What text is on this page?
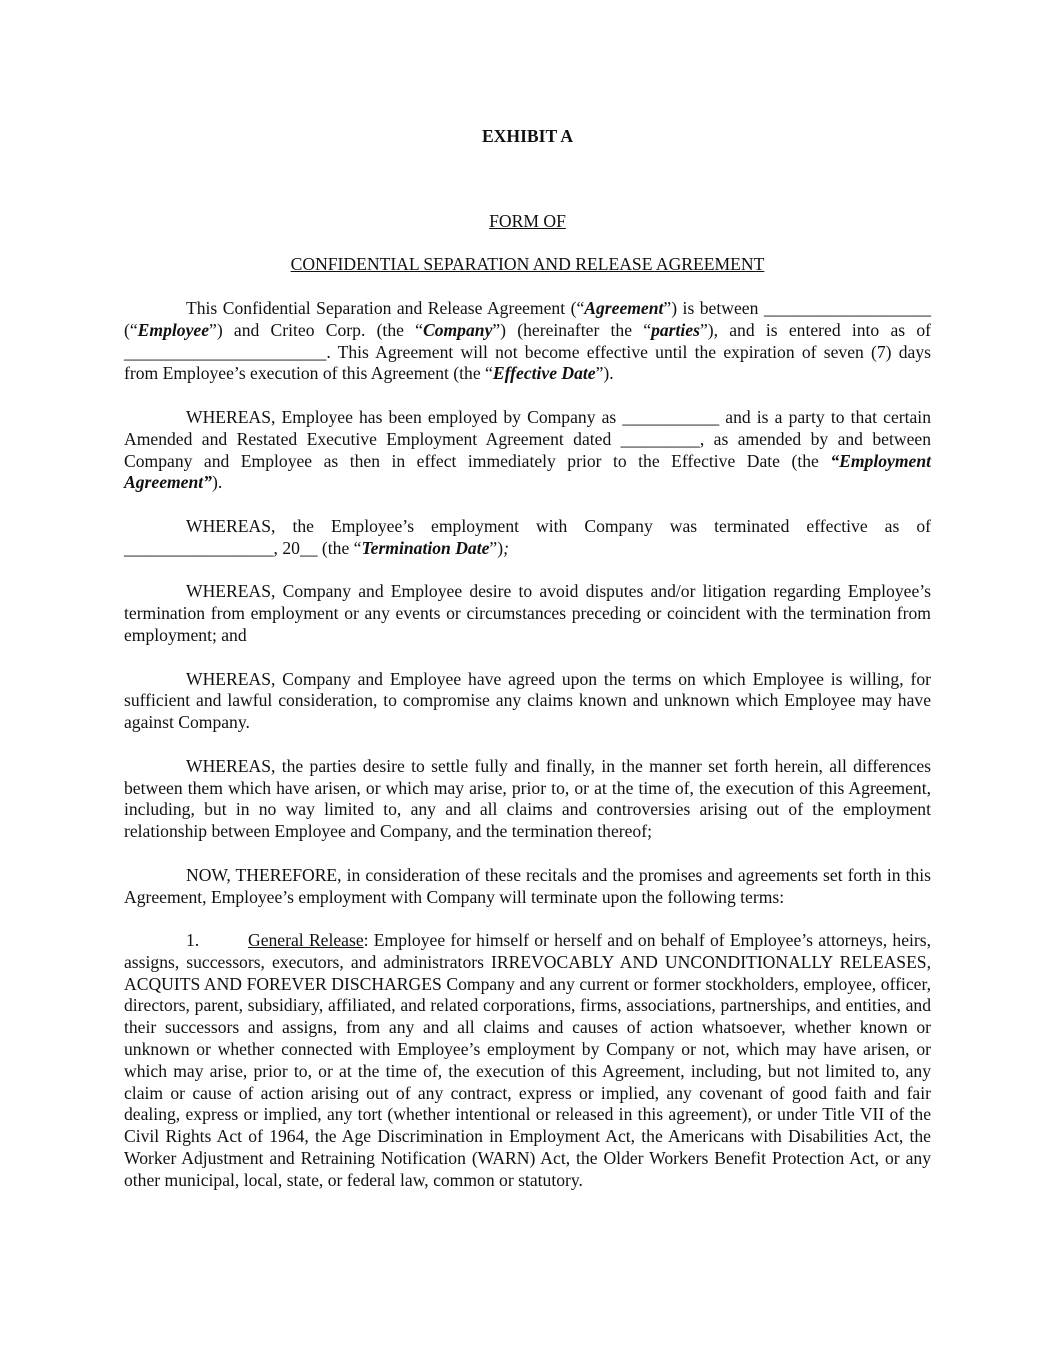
EXHIBIT A

FORM OF

CONFIDENTIAL SEPARATION AND RELEASE AGREEMENT

This Confidential Separation and Release Agreement (“Agreement”) is between ___________________ (“Employee”) and Criteo Corp. (the “Company”) (hereinafter the “parties”), and is entered into as of _______________________. This Agreement will not become effective until the expiration of seven (7) days from Employee’s execution of this Agreement (the “Effective Date”).

WHEREAS, Employee has been employed by Company as ___________ and is a party to that certain Amended and Restated Executive Employment Agreement dated _________, as amended by and between Company and Employee as then in effect immediately prior to the Effective Date (the “Employment Agreement”).

WHEREAS, the Employee’s employment with Company was terminated effective as of _________________, 20__ (the “Termination Date”);

WHEREAS, Company and Employee desire to avoid disputes and/or litigation regarding Employee’s termination from employment or any events or circumstances preceding or coincident with the termination from employment; and

WHEREAS, Company and Employee have agreed upon the terms on which Employee is willing, for sufficient and lawful consideration, to compromise any claims known and unknown which Employee may have against Company.

WHEREAS, the parties desire to settle fully and finally, in the manner set forth herein, all differences between them which have arisen, or which may arise, prior to, or at the time of, the execution of this Agreement, including, but in no way limited to, any and all claims and controversies arising out of the employment relationship between Employee and Company, and the termination thereof;

NOW, THEREFORE, in consideration of these recitals and the promises and agreements set forth in this Agreement, Employee’s employment with Company will terminate upon the following terms:

1.	General Release: Employee for himself or herself and on behalf of Employee’s attorneys, heirs, assigns, successors, executors, and administrators IRREVOCABLY AND UNCONDITIONALLY RELEASES, ACQUITS AND FOREVER DISCHARGES Company and any current or former stockholders, employee, officer, directors, parent, subsidiary, affiliated, and related corporations, firms, associations, partnerships, and entities, and their successors and assigns, from any and all claims and causes of action whatsoever, whether known or unknown or whether connected with Employee’s employment by Company or not, which may have arisen, or which may arise, prior to, or at the time of, the execution of this Agreement, including, but not limited to, any claim or cause of action arising out of any contract, express or implied, any covenant of good faith and fair dealing, express or implied, any tort (whether intentional or released in this agreement), or under Title VII of the Civil Rights Act of 1964, the Age Discrimination in Employment Act, the Americans with Disabilities Act, the Worker Adjustment and Retraining Notification (WARN) Act, the Older Workers Benefit Protection Act, or any other municipal, local, state, or federal law, common or statutory.
